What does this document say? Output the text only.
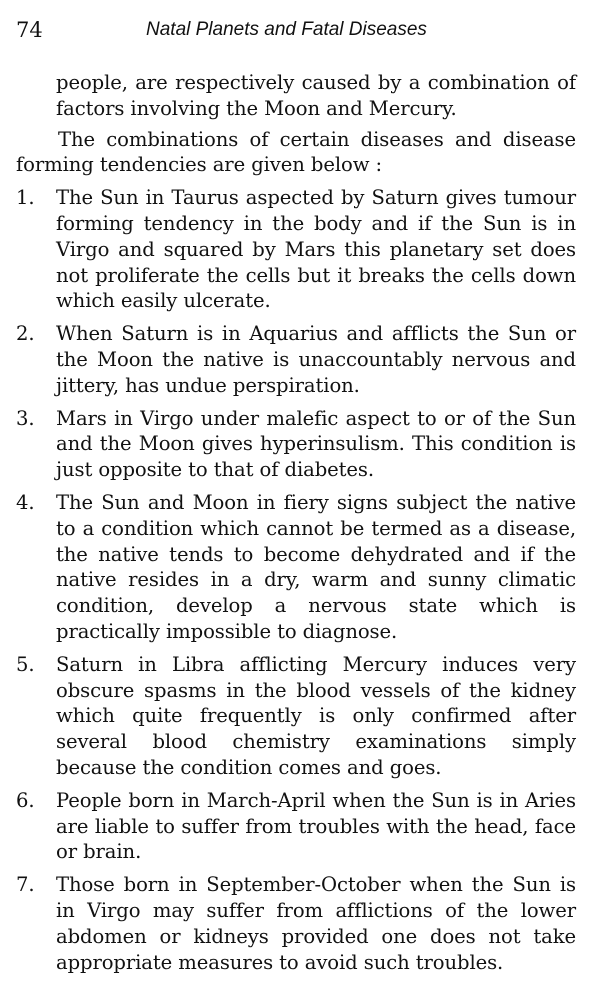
74	Natal Planets and Fatal Diseases

people, are respectively caused by a combination of factors involving the Moon and Mercury.

The combinations of certain diseases and disease forming tendencies are given below :

1. The Sun in Taurus aspected by Saturn gives tumour forming tendency in the body and if the Sun is in Virgo and squared by Mars this planetary set does not proliferate the cells but it breaks the cells down which easily ulcerate.
2. When Saturn is in Aquarius and afflicts the Sun or the Moon the native is unaccountably nervous and jittery, has undue perspiration.
3. Mars in Virgo under malefic aspect to or of the Sun and the Moon gives hyperinsulism. This condition is just opposite to that of diabetes.
4. The Sun and Moon in fiery signs subject the native to a condition which cannot be termed as a disease, the native tends to become dehydrated and if the native resides in a dry, warm and sunny climatic condition, develop a nervous state which is practically impossible to diagnose.
5. Saturn in Libra afflicting Mercury induces very obscure spasms in the blood vessels of the kidney which quite frequently is only confirmed after several blood chemistry examinations simply because the condition comes and goes.
6. People born in March-April when the Sun is in Aries are liable to suffer from troubles with the head, face or brain.
7. Those born in September-October when the Sun is in Virgo may suffer from afflictions of the lower abdomen or kidneys provided one does not take appropriate measures to avoid such troubles.
